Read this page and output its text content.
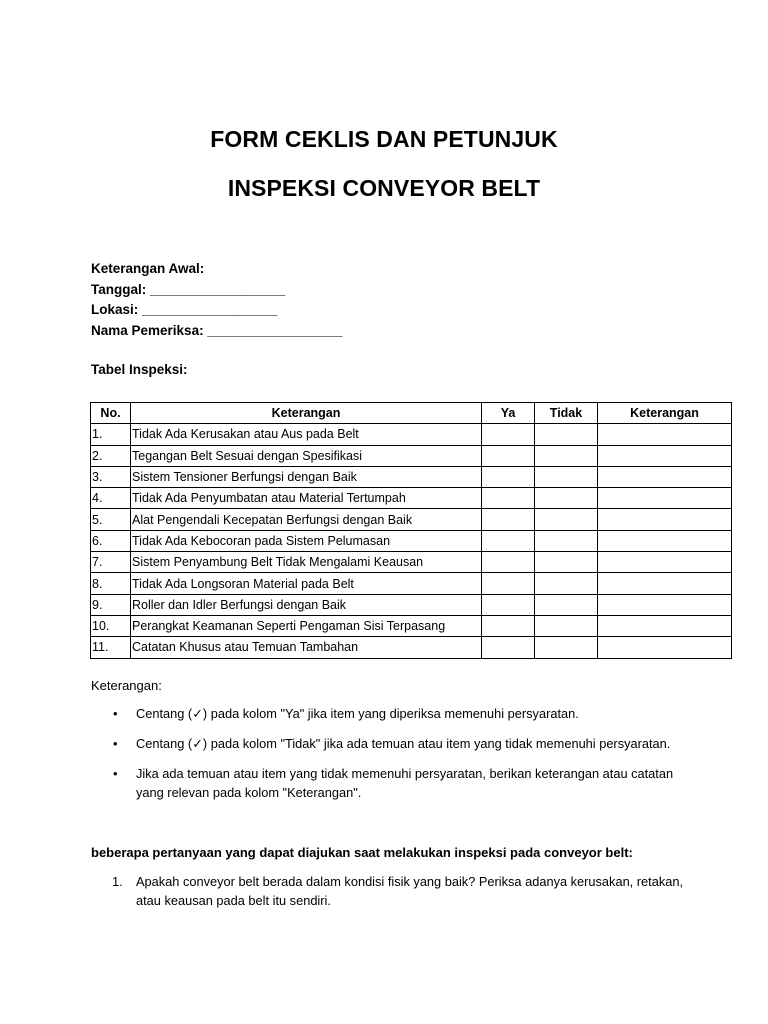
FORM CEKLIS DAN PETUNJUK
INSPEKSI CONVEYOR BELT
Keterangan Awal:
Tanggal: __________________
Lokasi: __________________
Nama Pemeriksa: __________________
Tabel Inspeksi:
No.	Keterangan	Ya	Tidak	Keterangan
1.	Tidak Ada Kerusakan atau Aus pada Belt			
2.	Tegangan Belt Sesuai dengan Spesifikasi			
3.	Sistem Tensioner Berfungsi dengan Baik			
4.	Tidak Ada Penyumbatan atau Material Tertumpah			
5.	Alat Pengendali Kecepatan Berfungsi dengan Baik			
6.	Tidak Ada Kebocoran pada Sistem Pelumasan			
7.	Sistem Penyambung Belt Tidak Mengalami Keausan			
8.	Tidak Ada Longsoran Material pada Belt			
9.	Roller dan Idler Berfungsi dengan Baik			
10.	Perangkat Keamanan Seperti Pengaman Sisi Terpasang			
11.	Catatan Khusus atau Temuan Tambahan			
Keterangan:
• Centang (✓) pada kolom "Ya" jika item yang diperiksa memenuhi persyaratan.
• Centang (✓) pada kolom "Tidak" jika ada temuan atau item yang tidak memenuhi persyaratan.
• Jika ada temuan atau item yang tidak memenuhi persyaratan, berikan keterangan atau catatan yang relevan pada kolom "Keterangan".
beberapa pertanyaan yang dapat diajukan saat melakukan inspeksi pada conveyor belt:
1. Apakah conveyor belt berada dalam kondisi fisik yang baik? Periksa adanya kerusakan, retakan, atau keausan pada belt itu sendiri.
